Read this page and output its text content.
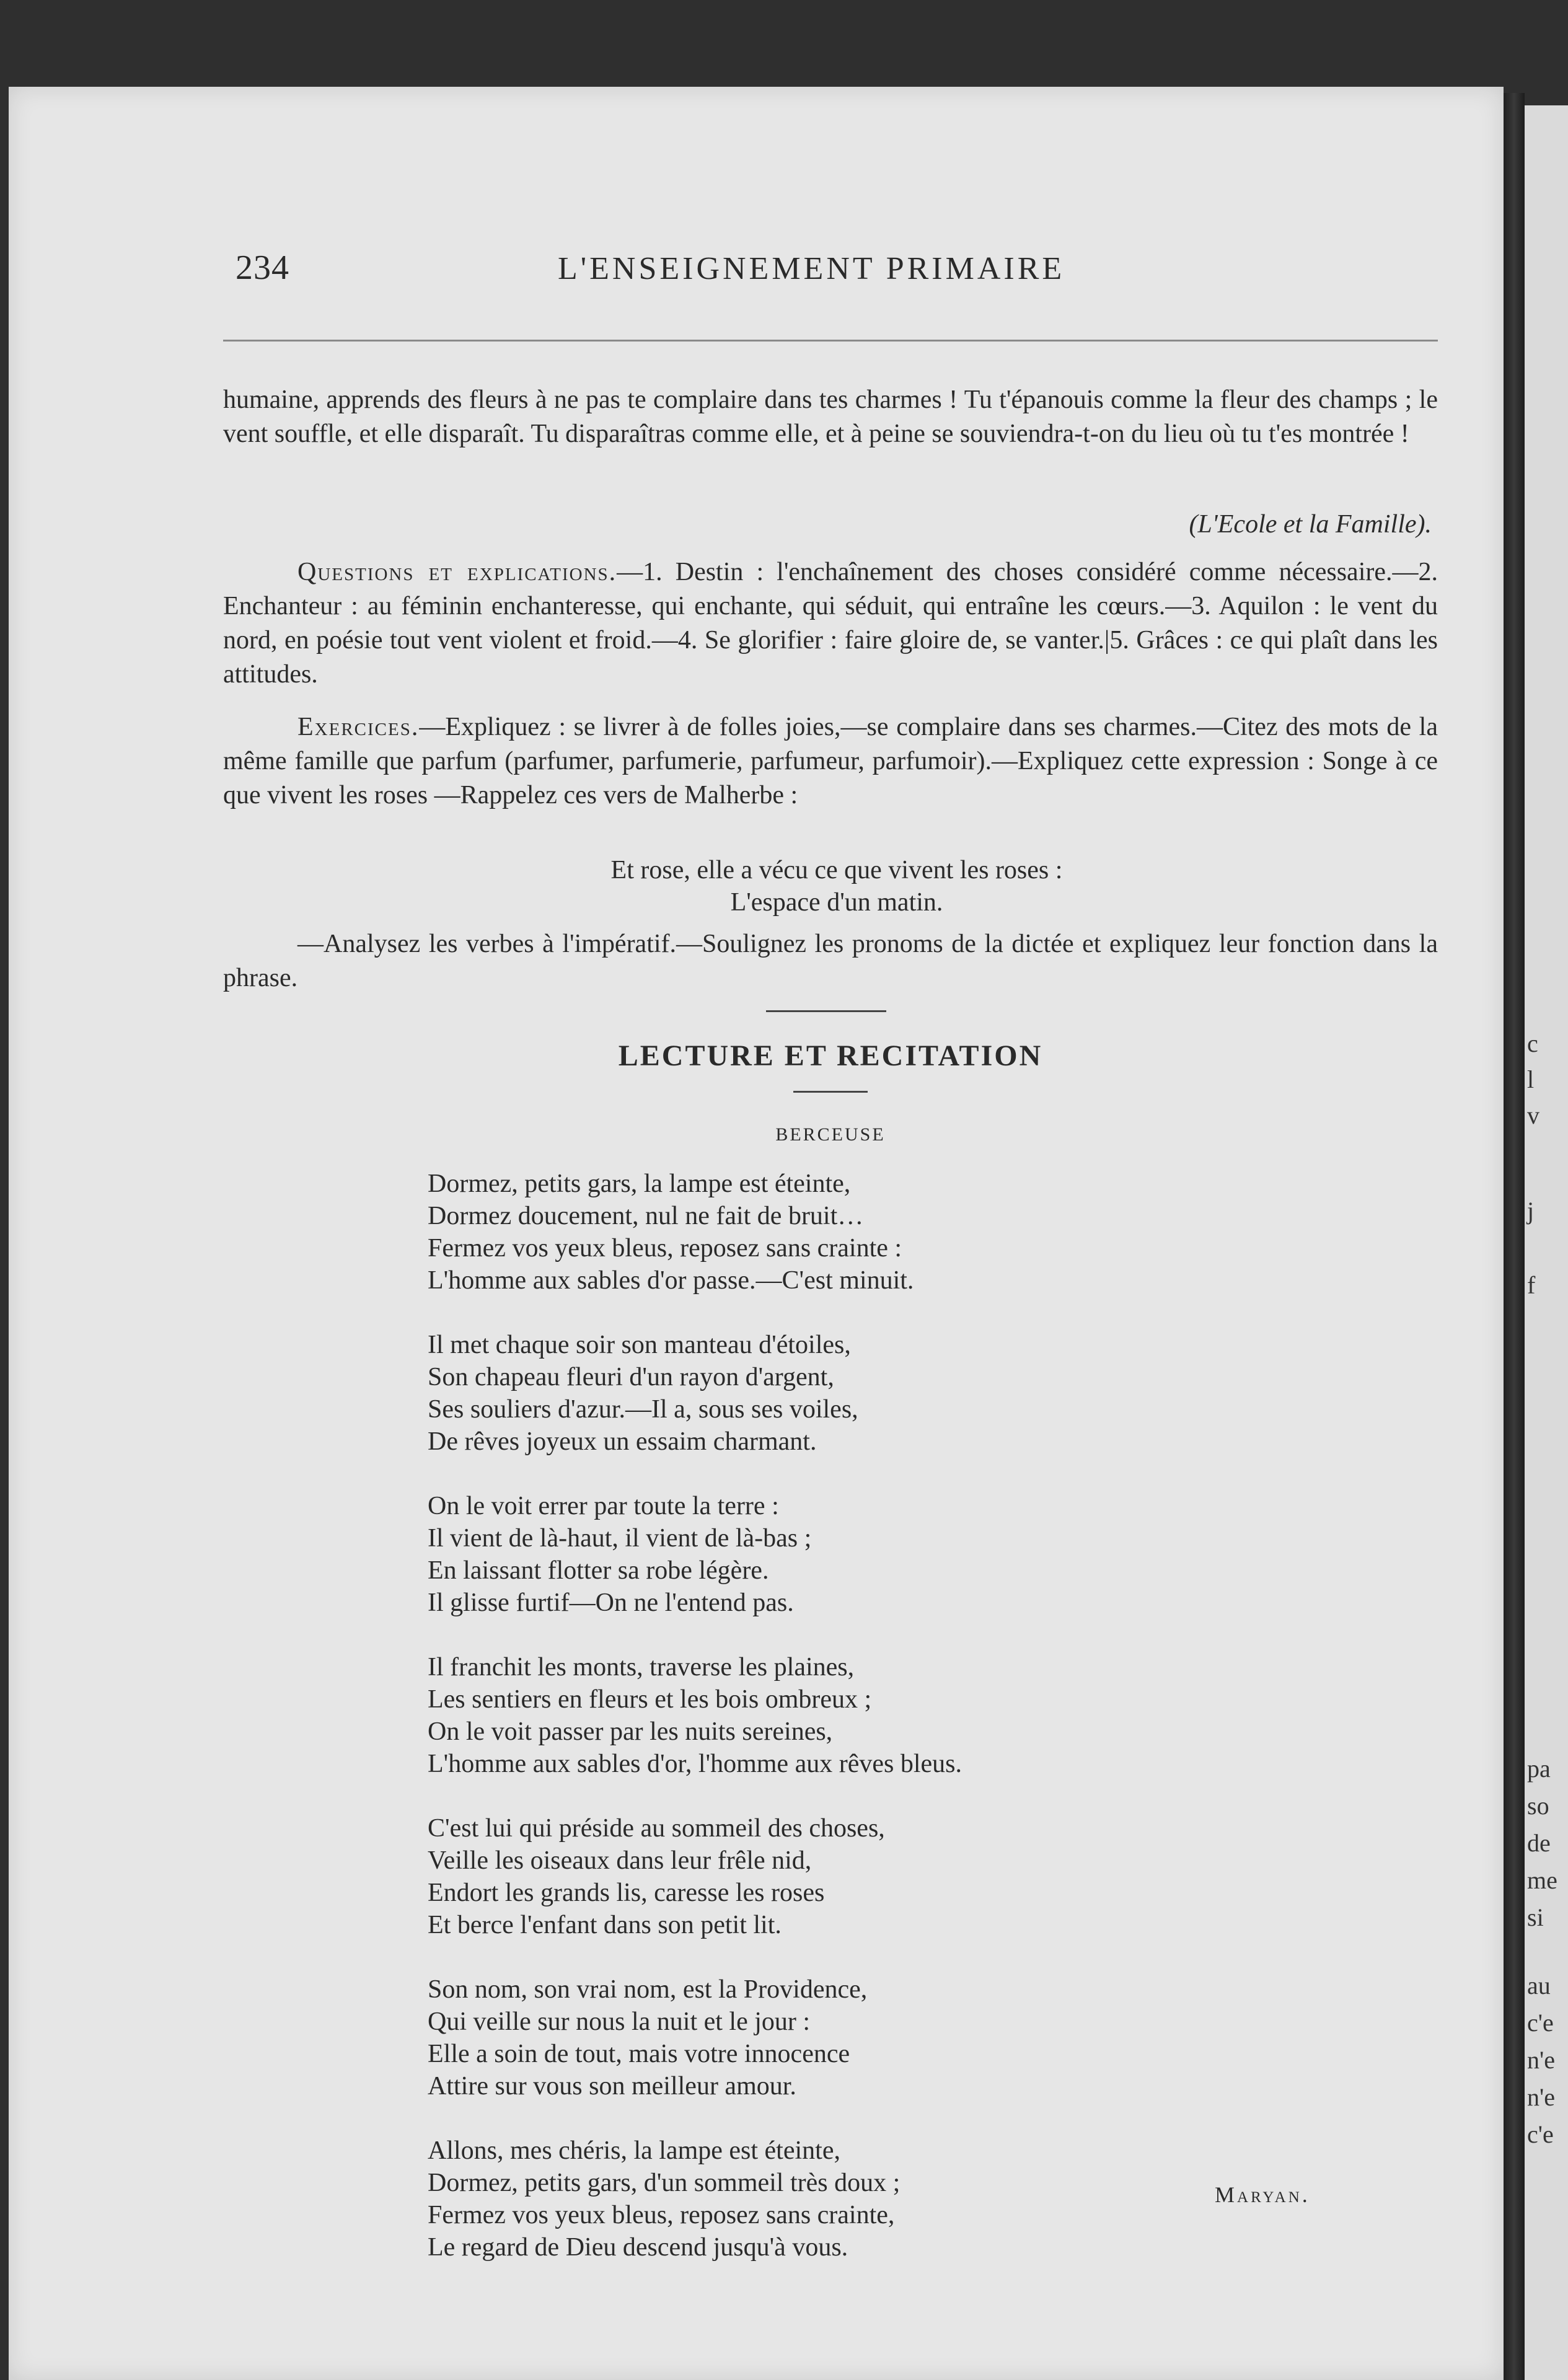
c
l
v
j
f
pa
so
de
me
si
au
c'e
n'e
n'e
c'e
234	L'ENSEIGNEMENT PRIMAIRE
humaine, apprends des fleurs à ne pas te complaire dans tes charmes ! Tu t'épanouis comme la fleur des champs ; le vent souffle, et elle disparaît. Tu disparaîtras comme elle, et à peine se souviendra-t-on du lieu où tu t'es montrée !
(L'Ecole et la Famille).
Questions et explications.—1. Destin : l'enchaînement des choses considéré comme nécessaire.—2. Enchanteur : au féminin enchanteresse, qui enchante, qui séduit, qui entraîne les cœurs.—3. Aquilon : le vent du nord, en poésie tout vent violent et froid.—4. Se glorifier : faire gloire de, se vanter.|5. Grâces : ce qui plaît dans les attitudes.
Exercices.—Expliquez : se livrer à de folles joies,—se complaire dans ses charmes.—Citez des mots de la même famille que parfum (parfumer, parfumerie, parfumeur, parfumoir).—Expliquez cette expression : Songe à ce que vivent les roses —Rappelez ces vers de Malherbe :
Et rose, elle a vécu ce que vivent les roses :
L'espace d'un matin.
—Analysez les verbes à l'impératif.—Soulignez les pronoms de la dictée et expliquez leur fonction dans la phrase.
LECTURE ET RECITATION
BERCEUSE
Dormez, petits gars, la lampe est éteinte,
Dormez doucement, nul ne fait de bruit…
Fermez vos yeux bleus, reposez sans crainte :
L'homme aux sables d'or passe.—C'est minuit.
Il met chaque soir son manteau d'étoiles,
Son chapeau fleuri d'un rayon d'argent,
Ses souliers d'azur.—Il a, sous ses voiles,
De rêves joyeux un essaim charmant.
On le voit errer par toute la terre :
Il vient de là-haut, il vient de là-bas ;
En laissant flotter sa robe légère.
Il glisse furtif—On ne l'entend pas.
Il franchit les monts, traverse les plaines,
Les sentiers en fleurs et les bois ombreux ;
On le voit passer par les nuits sereines,
L'homme aux sables d'or, l'homme aux rêves bleus.
C'est lui qui préside au sommeil des choses,
Veille les oiseaux dans leur frêle nid,
Endort les grands lis, caresse les roses
Et berce l'enfant dans son petit lit.
Son nom, son vrai nom, est la Providence,
Qui veille sur nous la nuit et le jour :
Elle a soin de tout, mais votre innocence
Attire sur vous son meilleur amour.
Allons, mes chéris, la lampe est éteinte,
Dormez, petits gars, d'un sommeil très doux ;
Fermez vos yeux bleus, reposez sans crainte,
Le regard de Dieu descend jusqu'à vous.
Maryan.
